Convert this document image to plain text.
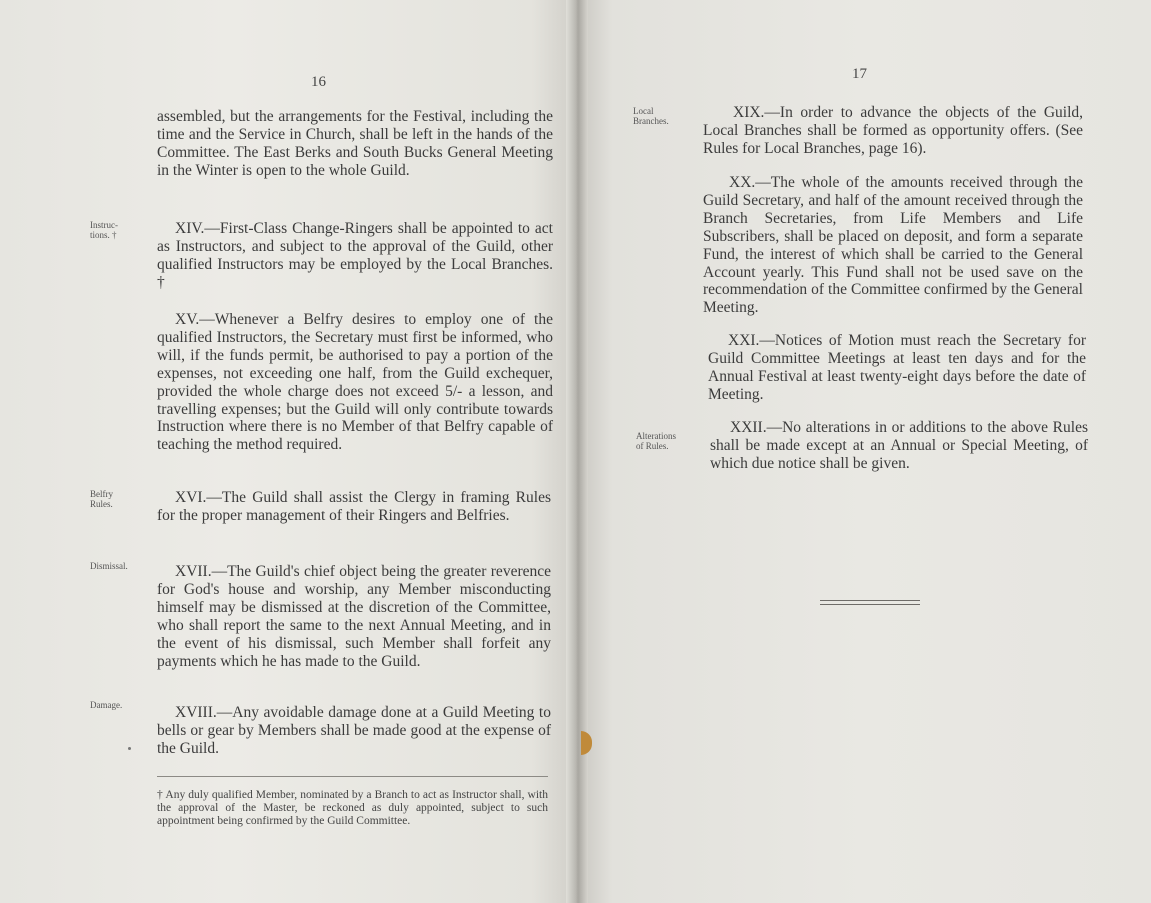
16

assembled, but the arrangements for the Festival, including the time and the Service in Church, shall be left in the hands of the Committee. The East Berks and South Bucks General Meeting in the Winter is open to the whole Guild.

Instruc-
tions. †	XIV.—First-Class Change-Ringers shall be appointed to act as Instructors, and subject to the approval of the Guild, other qualified Instructors may be employed by the Local Branches. †

XV.—Whenever a Belfry desires to employ one of the qualified Instructors, the Secretary must first be informed, who will, if the funds permit, be authorised to pay a portion of the expenses, not exceeding one half, from the Guild exchequer, provided the whole charge does not exceed 5/- a lesson, and travelling expenses; but the Guild will only contribute towards Instruction where there is no Member of that Belfry capable of teaching the method required.

Belfry
Rules.	XVI.—The Guild shall assist the Clergy in framing Rules for the proper management of their Ringers and Belfries.

Dismissal.	XVII.—The Guild's chief object being the greater reverence for God's house and worship, any Member misconducting himself may be dismissed at the discretion of the Committee, who shall report the same to the next Annual Meeting, and in the event of his dismissal, such Member shall forfeit any payments which he has made to the Guild.

Damage.	XVIII.—Any avoidable damage done at a Guild Meeting to bells or gear by Members shall be made good at the expense of the Guild.

† Any duly qualified Member, nominated by a Branch to act as Instructor shall, with the approval of the Master, be reckoned as duly appointed, subject to such appointment being confirmed by the Guild Committee.

17
Local
Branches.	XIX.—In order to advance the objects of the Guild, Local Branches shall be formed as opportunity offers. (See Rules for Local Branches, page 16).

XX.—The whole of the amounts received through the Guild Secretary, and half of the amount received through the Branch Secretaries, from Life Members and Life Subscribers, shall be placed on deposit, and form a separate Fund, the interest of which shall be carried to the General Account yearly. This Fund shall not be used save on the recommendation of the Committee confirmed by the General Meeting.

XXI.—Notices of Motion must reach the Secretary for Guild Committee Meetings at least ten days and for the Annual Festival at least twenty-eight days before the date of Meeting.

Alterations
of Rules.

XXII.—No alterations in or additions to the above Rules shall be made except at an Annual or Special Meeting, of which due notice shall be given.
